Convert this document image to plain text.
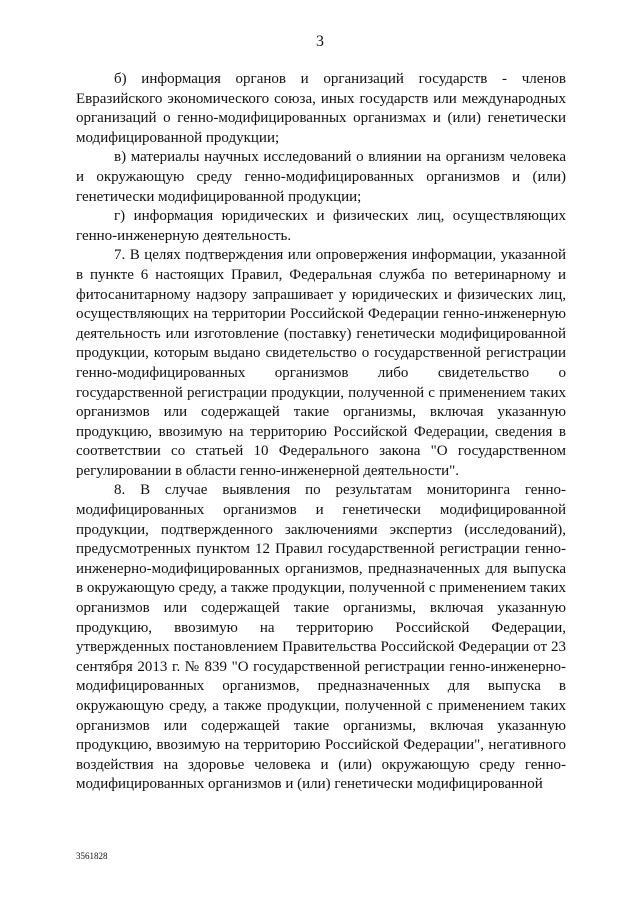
3

б) информация органов и организаций государств - членов Евразийского экономического союза, иных государств или международных организаций о генно-модифицированных организмах и (или) генетически модифицированной продукции;

в) материалы научных исследований о влиянии на организм человека и окружающую среду генно-модифицированных организмов и (или) генетически модифицированной продукции;

г) информация юридических и физических лиц, осуществляющих генно-инженерную деятельность.

7. В целях подтверждения или опровержения информации, указанной в пункте 6 настоящих Правил, Федеральная служба по ветеринарному и фитосанитарному надзору запрашивает у юридических и физических лиц, осуществляющих на территории Российской Федерации генно-инженерную деятельность или изготовление (поставку) генетически модифицированной продукции, которым выдано свидетельство о государственной регистрации генно-модифицированных организмов либо свидетельство о государственной регистрации продукции, полученной с применением таких организмов или содержащей такие организмы, включая указанную продукцию, ввозимую на территорию Российской Федерации, сведения в соответствии со статьей 10 Федерального закона "О государственном регулировании в области генно-инженерной деятельности".

8. В случае выявления по результатам мониторинга генно-модифицированных организмов и генетически модифицированной продукции, подтвержденного заключениями экспертиз (исследований), предусмотренных пунктом 12 Правил государственной регистрации генно-инженерно-модифицированных организмов, предназначенных для выпуска в окружающую среду, а также продукции, полученной с применением таких организмов или содержащей такие организмы, включая указанную продукцию, ввозимую на территорию Российской Федерации, утвержденных постановлением Правительства Российской Федерации от 23 сентября 2013 г. № 839 "О государственной регистрации генно-инженерно-модифицированных организмов, предназначенных для выпуска в окружающую среду, а также продукции, полученной с применением таких организмов или содержащей такие организмы, включая указанную продукцию, ввозимую на территорию Российской Федерации", негативного воздействия на здоровье человека и (или) окружающую среду генно-модифицированных организмов и (или) генетически модифицированной

3561828
